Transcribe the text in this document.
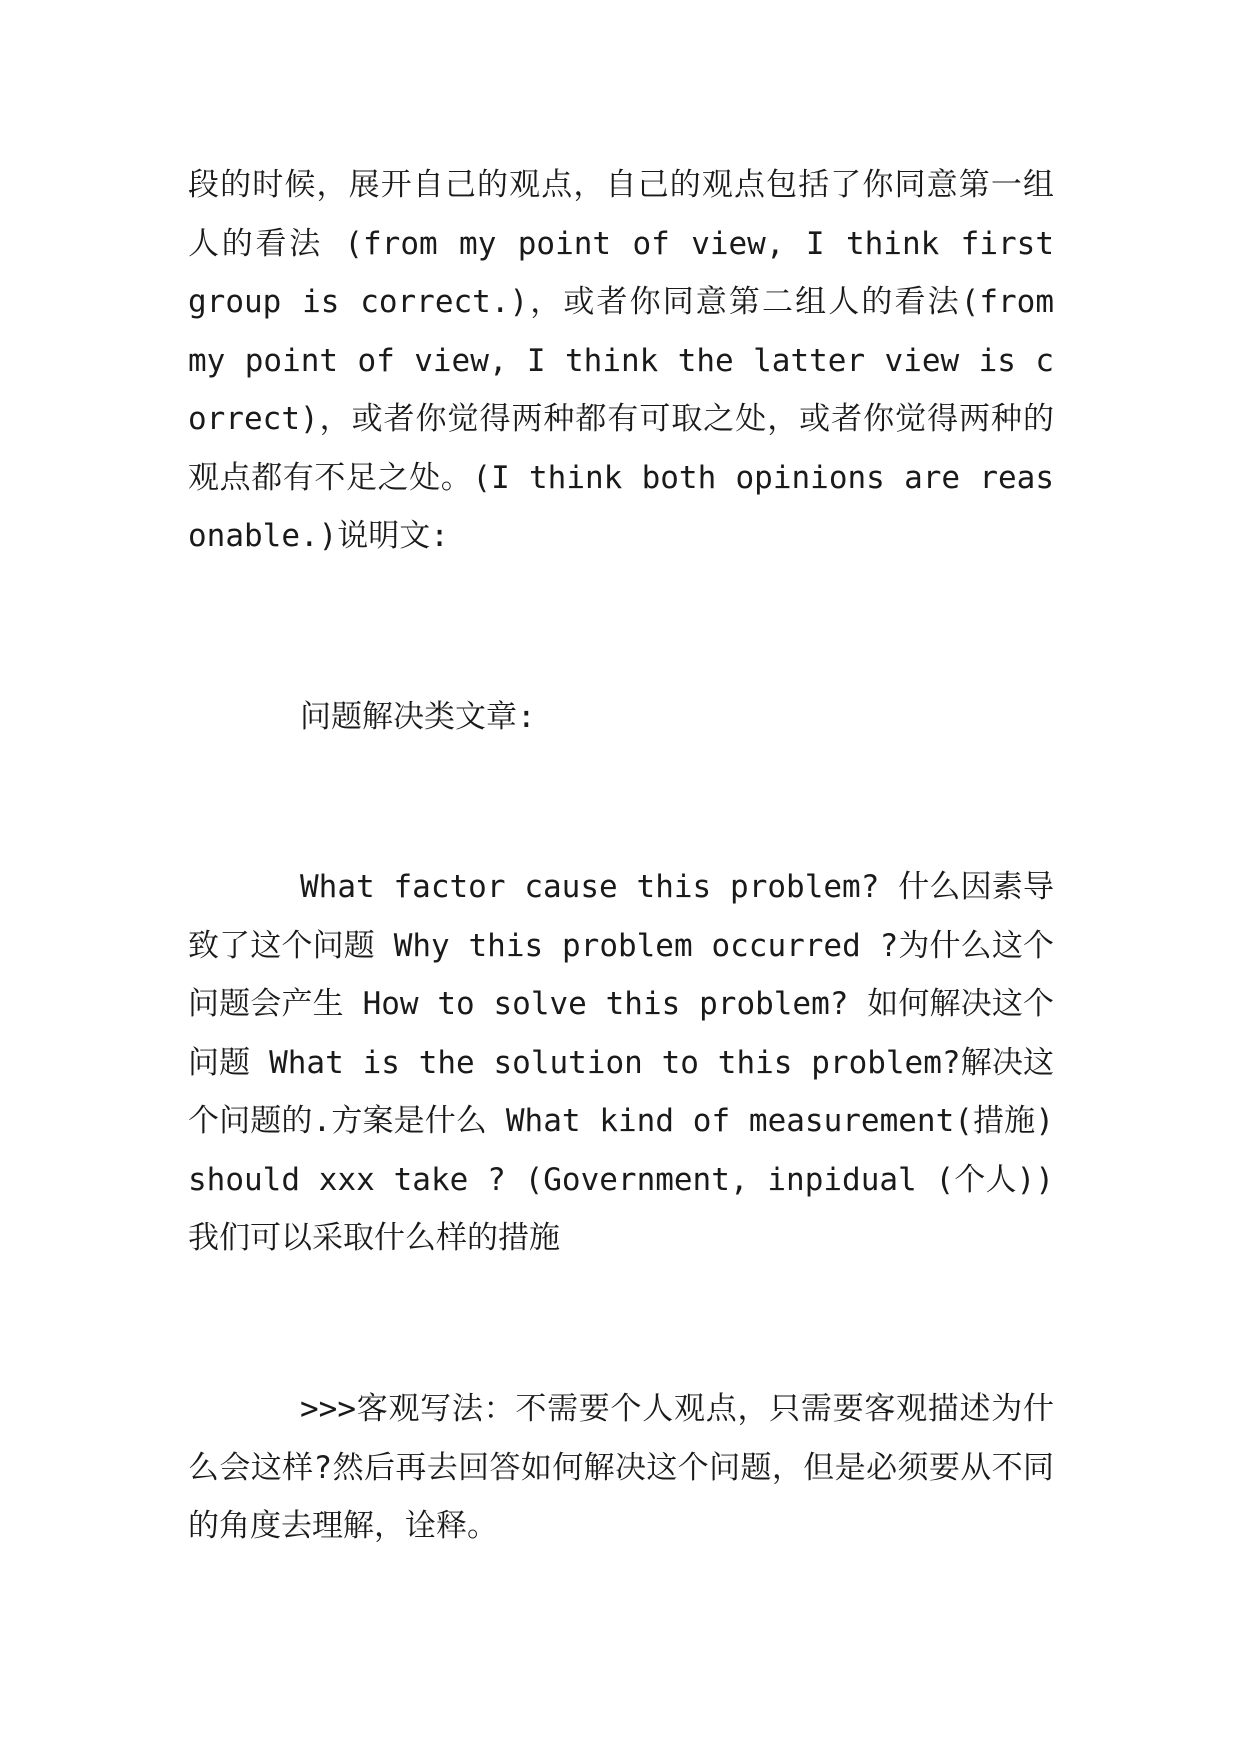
段的时候，展开自己的观点，自己的观点包括了你同意第一组人的看法 (from my point of view, I think first group is correct.)，或者你同意第二组人的看法(from my point of view, I think the latter view is correct)，或者你觉得两种都有可取之处，或者你觉得两种的观点都有不足之处。(I think both opinions are reasonable.)说明文:

问题解决类文章:

What factor cause this problem? 什么因素导致了这个问题 Why this problem occurred ?为什么这个问题会产生 How to solve this problem? 如何解决这个问题 What is the solution to this problem?解决这个问题的.方案是什么 What kind of measurement(措施) should xxx take ? (Government, inpidual (个人))我们可以采取什么样的措施

>>>客观写法：不需要个人观点，只需要客观描述为什么会这样?然后再去回答如何解决这个问题，但是必须要从不同的角度去理解，诠释。
